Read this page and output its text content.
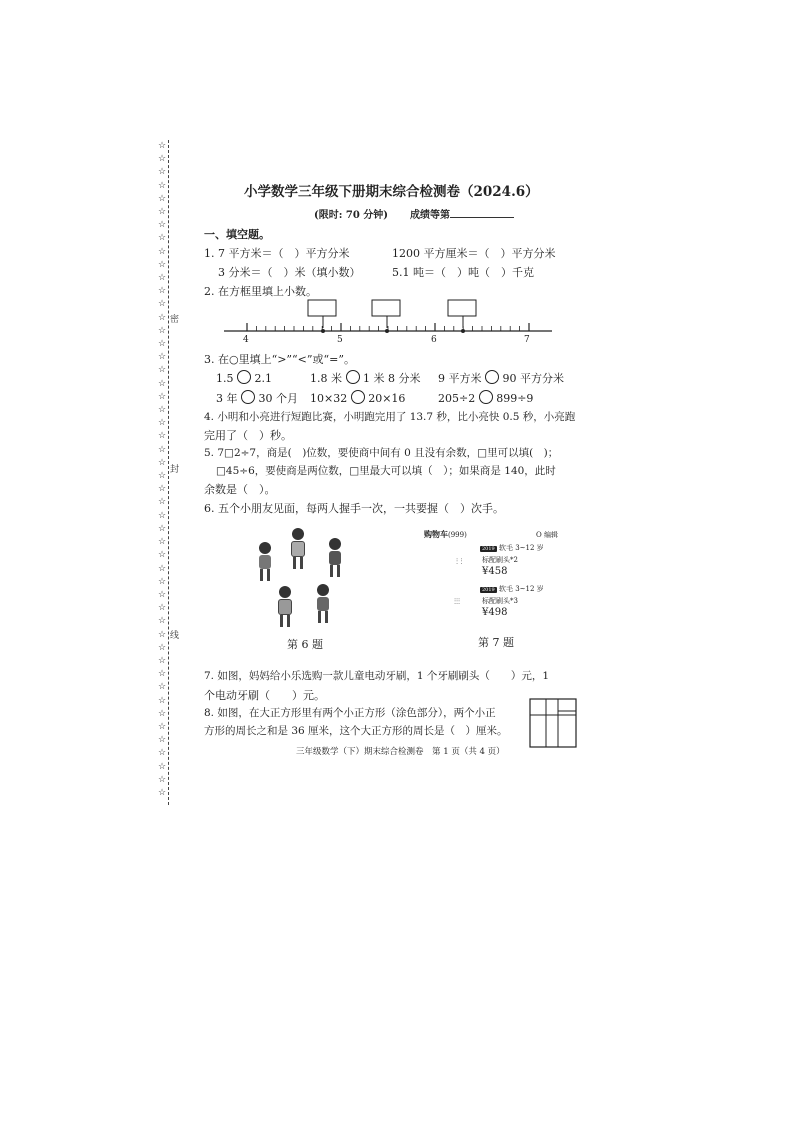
☆☆☆☆☆☆☆☆☆☆☆☆☆☆☆☆☆☆☆☆☆☆☆☆☆☆☆☆☆☆☆☆☆☆☆☆☆☆☆☆☆☆☆☆☆☆☆☆☆☆
密
封
线
小学数学三年级下册期末综合检测卷（2024.6）
(限时: 70 分钟) 成绩等第
一、填空题。
1. 7 平方米＝（　）平方分米	1200 平方厘米＝（　）平方分米
3 分米＝（　）米（填小数）	5.1 吨＝（　）吨（　）千克
2. 在方框里填上小数。
4	5	6	7
3. 在○里填上“>”“<”或“=”。
1.5 2.1	1.8 米 1 米 8 分米 9 平方米 90 平方分米
3 年 30 个月 10×32 20×16	205÷2 899÷9
4. 小明和小亮进行短跑比赛，小明跑完用了 13.7 秒，比小亮快 0.5 秒，小亮跑
完用了（　）秒。
5. 7□2÷7，商是(　)位数，要使商中间有 0 且没有余数，□里可以填(　)；
□45÷6，要使商是两位数，□里最大可以填（　）；如果商是 140，此时
余数是（　）。
6. 五个小朋友见面，每两人握手一次，一共要握（　）次手。
第 6 题
购物车(999)	O 编辑
2019 软毛 3~12 岁
⫶ ⫶	标配刷头*2
¥458
2019 软毛 3~12 岁
⫶⫶⫶	标配刷头*3
¥498
第 7 题
7. 如图，妈妈给小乐选购一款儿童电动牙刷，1 个牙刷刷头（　　）元，1
个电动牙刷（　　）元。
8. 如图，在大正方形里有两个小正方形（涂色部分），两个小正
方形的周长之和是 36 厘米，这个大正方形的周长是（　）厘米。
三年级数学（下）期末综合检测卷　第 1 页（共 4 页）
